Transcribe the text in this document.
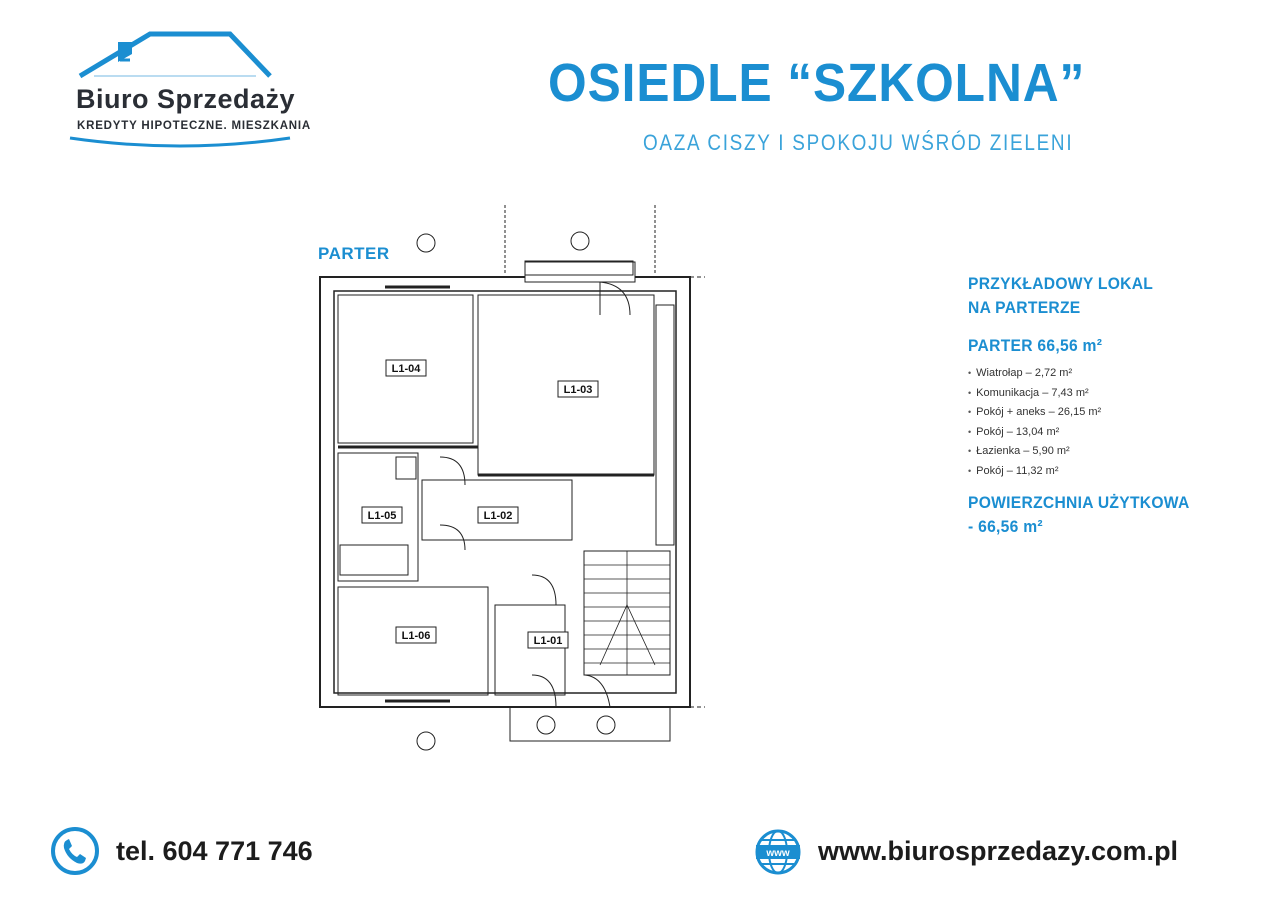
Biuro Sprzedaży
KREDYTY HIPOTECZNE. MIESZKANIA
OSIEDLE “SZKOLNA”
OAZA CISZY I SPOKOJU WŚRÓD ZIELENI
PARTER
L1-04
L1-03
L1-05	L1-02
L1-06	L1-01
PRZYKŁADOWY LOKAL
NA PARTERZE
PARTER 66,56 m²
• Wiatrołap – 2,72 m²
• Komunikacja – 7,43 m²
• Pokój + aneks – 26,15 m²
• Pokój – 13,04 m²
• Łazienka – 5,90 m²
• Pokój – 11,32 m²
POWIERZCHNIA UŻYTKOWA
- 66,56 m²
tel. 604 771 746	www www.biurosprzedazy.com.pl
